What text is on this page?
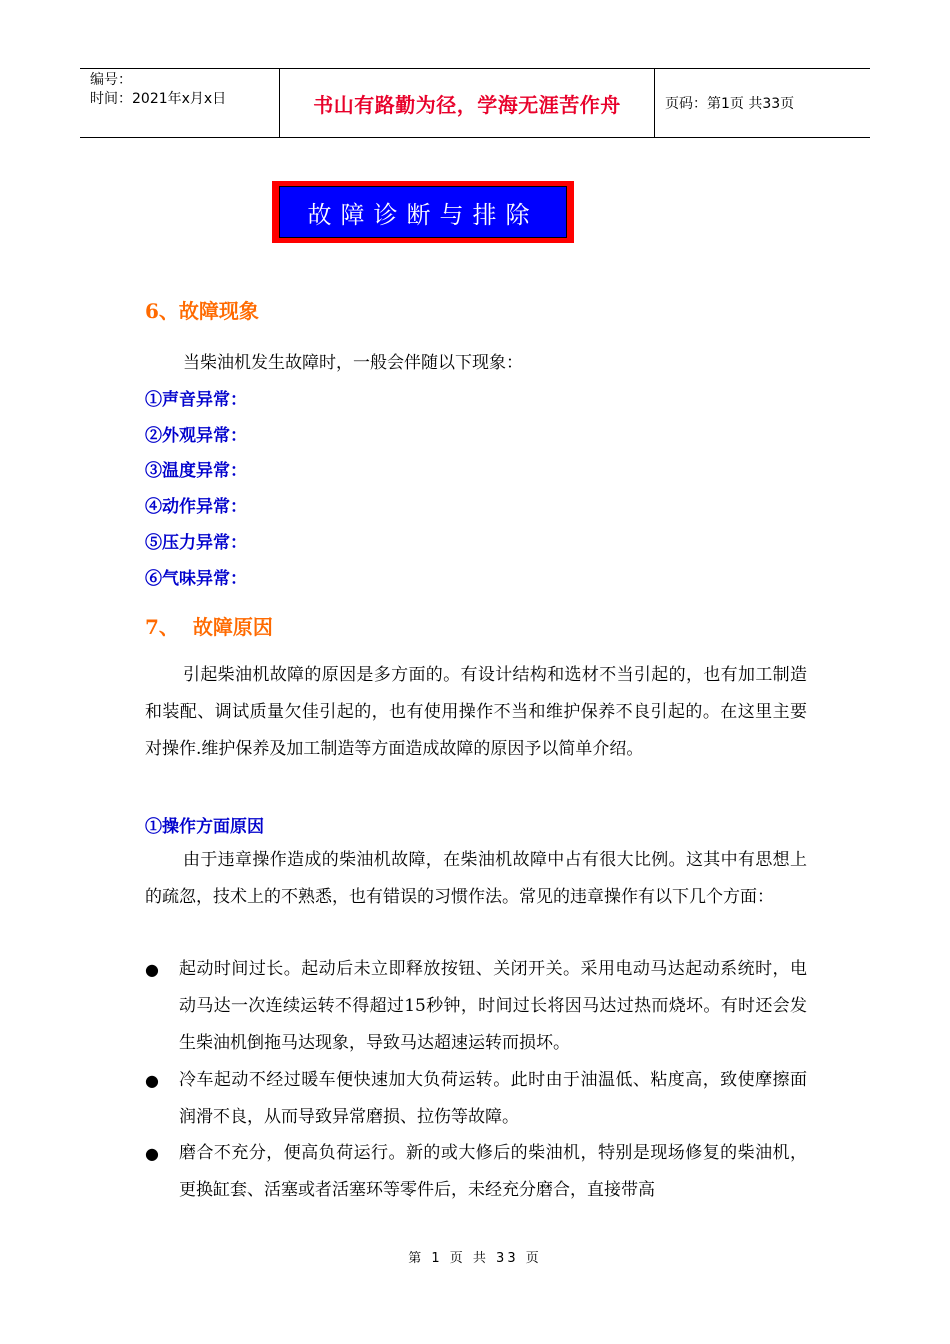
编号：
时间：2021年x月x日	书山有路勤为径，学海无涯苦作舟	页码：第1页 共33页
故障诊断与排除
6、故障现象
当柴油机发生故障时，一般会伴随以下现象：
①声音异常：
②外观异常：
③温度异常：
④动作异常：
⑤压力异常：
⑥气味异常：
7、  故障原因
引起柴油机故障的原因是多方面的。有设计结构和选材不当引起的，也有加工制造和装配、调试质量欠佳引起的，也有使用操作不当和维护保养不良引起的。在这里主要对操作.维护保养及加工制造等方面造成故障的原因予以简单介绍。
①操作方面原因
由于违章操作造成的柴油机故障，在柴油机故障中占有很大比例。这其中有思想上的疏忽，技术上的不熟悉，也有错误的习惯作法。常见的违章操作有以下几个方面：
● 起动时间过长。起动后未立即释放按钮、关闭开关。采用电动马达起动系统时，电动马达一次连续运转不得超过15秒钟，时间过长将因马达过热而烧坏。有时还会发生柴油机倒拖马达现象，导致马达超速运转而损坏。
● 冷车起动不经过暖车便快速加大负荷运转。此时由于油温低、粘度高，致使摩擦面润滑不良，从而导致异常磨损、拉伤等故障。
● 磨合不充分，便高负荷运行。新的或大修后的柴油机，特别是现场修复的柴油机，更换缸套、活塞或者活塞环等零件后，未经充分磨合，直接带高
第 1 页 共 33 页
